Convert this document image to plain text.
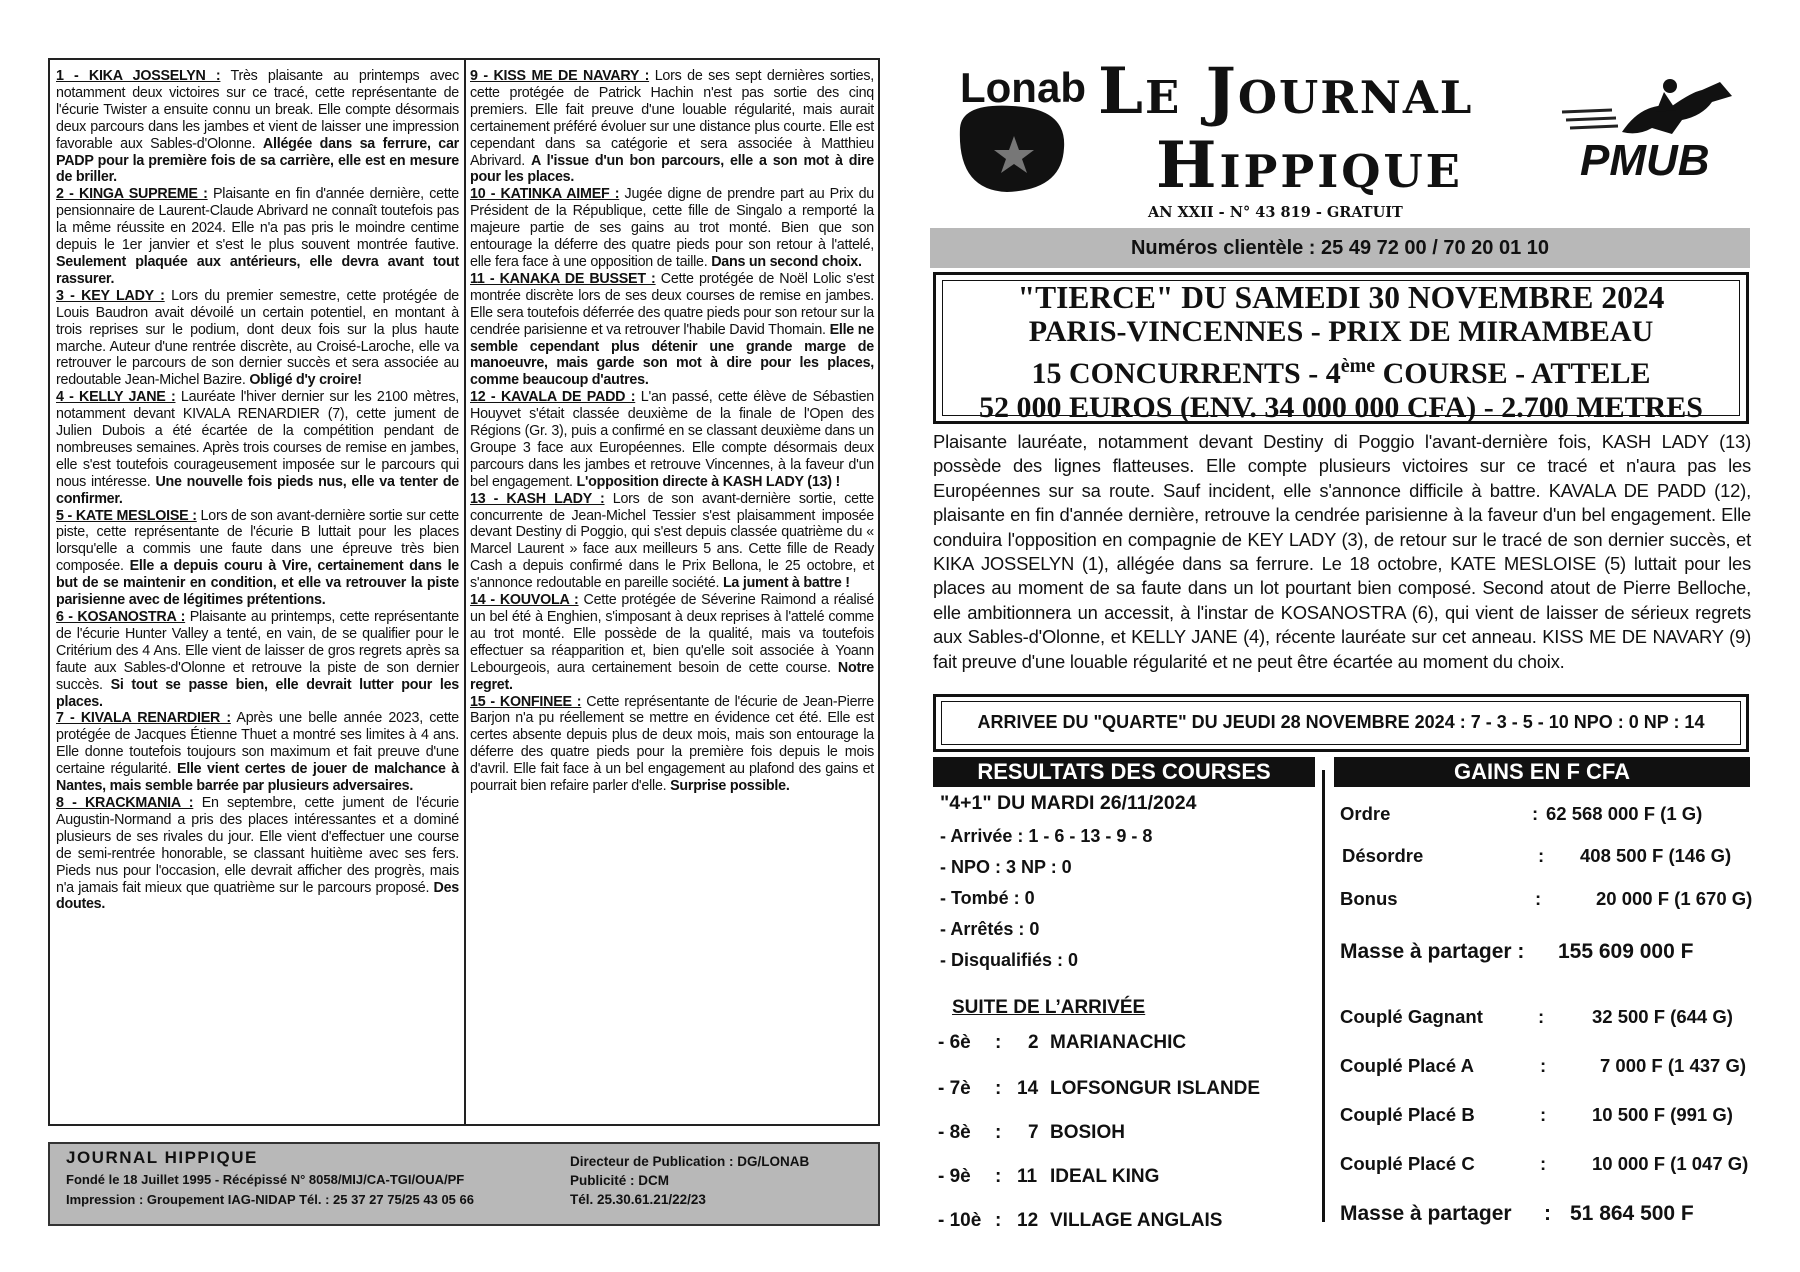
1 - KIKA JOSSELYN : Très plaisante au printemps avec notamment deux victoires sur ce tracé, cette représentante de l'écurie Twister a ensuite connu un break. Elle compte désormais deux parcours dans les jambes et vient de laisser une impression favorable aux Sables-d'Olonne. Allégée dans sa ferrure, car PADP pour la première fois de sa carrière, elle est en mesure de briller.

2 - KINGA SUPREME : Plaisante en fin d'année dernière, cette pensionnaire de Laurent-Claude Abrivard ne connaît toutefois pas la même réussite en 2024. Elle n'a pas pris le moindre centime depuis le 1er janvier et s'est le plus souvent montrée fautive. Seulement plaquée aux antérieurs, elle devra avant tout rassurer.

3 - KEY LADY : Lors du premier semestre, cette protégée de Louis Baudron avait dévoilé un certain potentiel, en montant à trois reprises sur le podium, dont deux fois sur la plus haute marche. Auteur d'une rentrée discrète, au Croisé-Laroche, elle va retrouver le parcours de son dernier succès et sera associée au redoutable Jean-Michel Bazire. Obligé d'y croire!

4 - KELLY JANE : Lauréate l'hiver dernier sur les 2100 mètres, notamment devant KIVALA RENARDIER (7), cette jument de Julien Dubois a été écartée de la compétition pendant de nombreuses semaines. Après trois courses de remise en jambes, elle s'est toutefois courageusement imposée sur le parcours qui nous intéresse. Une nouvelle fois pieds nus, elle va tenter de confirmer.

5 - KATE MESLOISE : Lors de son avant-dernière sortie sur cette piste, cette représentante de l'écurie B luttait pour les places lorsqu'elle a commis une faute dans une épreuve très bien composée. Elle a depuis couru à Vire, certainement dans le but de se maintenir en condition, et elle va retrouver la piste parisienne avec de légitimes prétentions.

6 - KOSANOSTRA : Plaisante au printemps, cette représentante de l'écurie Hunter Valley a tenté, en vain, de se qualifier pour le Critérium des 4 Ans. Elle vient de laisser de gros regrets après sa faute aux Sables-d'Olonne et retrouve la piste de son dernier succès. Si tout se passe bien, elle devrait lutter pour les places.

7 - KIVALA RENARDIER : Après une belle année 2023, cette protégée de Jacques Étienne Thuet a montré ses limites à 4 ans. Elle donne toutefois toujours son maximum et fait preuve d'une certaine régularité. Elle vient certes de jouer de malchance à Nantes, mais semble barrée par plusieurs adversaires.

8 - KRACKMANIA : En septembre, cette jument de l'écurie Augustin-Normand a pris des places intéressantes et a dominé plusieurs de ses rivales du jour. Elle vient d'effectuer une course de semi-rentrée honorable, se classant huitième avec ses fers. Pieds nus pour l'occasion, elle devrait afficher des progrès, mais n'a jamais fait mieux que quatrième sur le parcours proposé. Des doutes.

9 - KISS ME DE NAVARY : Lors de ses sept dernières sorties, cette protégée de Patrick Hachin n'est pas sortie des cinq premiers. Elle fait preuve d'une louable régularité, mais aurait certainement préféré évoluer sur une distance plus courte. Elle est cependant dans sa catégorie et sera associée à Matthieu Abrivard. A l'issue d'un bon parcours, elle a son mot à dire pour les places.

10 - KATINKA AIMEF : Jugée digne de prendre part au Prix du Président de la République, cette fille de Singalo a remporté la majeure partie de ses gains au trot monté. Bien que son entourage la déferre des quatre pieds pour son retour à l'attelé, elle fera face à une opposition de taille. Dans un second choix.

11 - KANAKA DE BUSSET : Cette protégée de Noël Lolic s'est montrée discrète lors de ses deux courses de remise en jambes. Elle sera toutefois déferrée des quatre pieds pour son retour sur la cendrée parisienne et va retrouver l'habile David Thomain. Elle ne semble cependant plus détenir une grande marge de manoeuvre, mais garde son mot à dire pour les places, comme beaucoup d'autres.

12 - KAVALA DE PADD : L'an passé, cette élève de Sébastien Houyvet s'était classée deuxième de la finale de l'Open des Régions (Gr. 3), puis a confirmé en se classant deuxième dans un Groupe 3 face aux Européennes. Elle compte désormais deux parcours dans les jambes et retrouve Vincennes, à la faveur d'un bel engagement. L'opposition directe à KASH LADY (13) !

13 - KASH LADY : Lors de son avant-dernière sortie, cette concurrente de Jean-Michel Tessier s'est plaisamment imposée devant Destiny di Poggio, qui s'est depuis classée quatrième du « Marcel Laurent » face aux meilleurs 5 ans. Cette fille de Ready Cash a depuis confirmé dans le Prix Bellona, le 25 octobre, et s'annonce redoutable en pareille société. La jument à battre !

14 - KOUVOLA : Cette protégée de Séverine Raimond a réalisé un bel été à Enghien, s'imposant à deux reprises à l'attelé comme au trot monté. Elle possède de la qualité, mais va toutefois effectuer sa réapparition et, bien qu'elle soit associée à Yoann Lebourgeois, aura certainement besoin de cette course. Notre regret.

15 - KONFINEE : Cette représentante de l'écurie de Jean-Pierre Barjon n'a pu réellement se mettre en évidence cet été. Elle est certes absente depuis plus de deux mois, mais son entourage la déferre des quatre pieds pour la première fois depuis le mois d'avril. Elle fait face à un bel engagement au plafond des gains et pourrait bien refaire parler d'elle. Surprise possible.

JOURNAL HIPPIQUE
Fondé le 18 Juillet 1995 - Récépissé N° 8058/MIJ/CA-TGI/OUA/PF
Impression : Groupement IAG-NIDAP Tél. : 25 37 27 75/25 43 05 66
Directeur de Publication : DG/LONAB
Publicité : DCM
Tél. 25.30.61.21/22/23
Lonab Le Journal
Hippique	PMUB
AN XXII - N° 43 819 - GRATUIT
Numéros clientèle : 25 49 72 00 / 70 20 01 10
"TIERCE" DU SAMEDI 30 NOVEMBRE 2024
PARIS-VINCENNES - PRIX DE MIRAMBEAU
15 CONCURRENTS - 4ème COURSE - ATTELE
52 000 EUROS (ENV. 34 000 000 CFA) - 2.700 METRES
Plaisante lauréate, notamment devant Destiny di Poggio l'avant-dernière fois, KASH LADY (13) possède des lignes flatteuses. Elle compte plusieurs victoires sur ce tracé et n'aura pas les Européennes sur sa route. Sauf incident, elle s'annonce difficile à battre. KAVALA DE PADD (12), plaisante en fin d'année dernière, retrouve la cendrée parisienne à la faveur d'un bel engagement. Elle conduira l'opposition en compagnie de KEY LADY (3), de retour sur le tracé de son dernier succès, et KIKA JOSSELYN (1), allégée dans sa ferrure. Le 18 octobre, KATE MESLOISE (5) luttait pour les places au moment de sa faute dans un lot pourtant bien composé. Second atout de Pierre Belloche, elle ambitionnera un accessit, à l'instar de KOSANOSTRA (6), qui vient de laisser de sérieux regrets aux Sables-d'Olonne, et KELLY JANE (4), récente lauréate sur cet anneau. KISS ME DE NAVARY (9) fait preuve d'une louable régularité et ne peut être écartée au moment du choix.
ARRIVEE DU "QUARTE" DU JEUDI 28 NOVEMBRE 2024 : 7 - 3 - 5 - 10 NPO : 0 NP : 14
RESULTATS DES COURSES	GAINS EN F CFA
"4+1" DU MARDI 26/11/2024
- Arrivée : 1 - 6 - 13 - 9 - 8
- NPO : 3 NP : 0
- Tombé : 0
- Arrêtés : 0
- Disqualifiés : 0
SUITE DE L’ARRIVÉE
- 6è : 2 MARIANACHIC
- 7è : 14 LOFSONGUR ISLANDE
- 8è : 7 BOSIOH
- 9è : 11 IDEAL KING
- 10è : 12 VILLAGE ANGLAIS
Ordre	: 62 568 000 F (1 G)
Désordre	: 408 500 F (146 G)
Bonus	:	20 000 F (1 670 G)
Masse à partager : 155 609 000 F
Couplé Gagnant	:	32 500 F (644 G)
Couplé Placé A	:	7 000 F (1 437 G)
Couplé Placé B	: 10 500 F (991 G)
Couplé Placé C	: 10 000 F (1 047 G)
Masse à partager : 51 864 500 F
